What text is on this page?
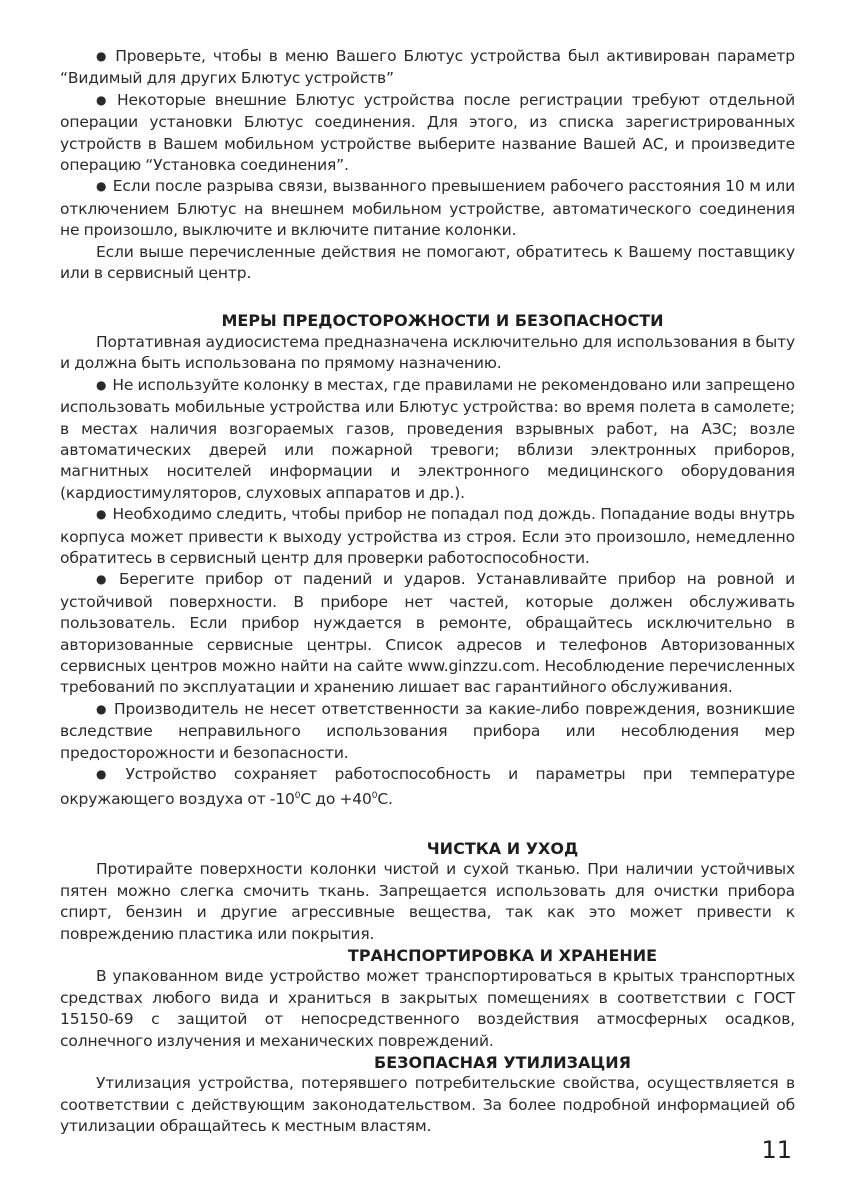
● Проверьте, чтобы в меню Вашего Блютус устройства был активирован параметр “Видимый для других Блютус устройств”

● Некоторые внешние Блютус устройства после регистрации требуют отдельной операции установки Блютус соединения. Для этого, из списка зарегистрированных устройств в Вашем мобильном устройстве выберите название Вашей АС, и произведите операцию “Установка соединения”.

● Если после разрыва связи, вызванного превышением рабочего расстояния 10 м или отключением Блютус на внешнем мобильном устройстве, автоматического соединения не произошло, выключите и включите питание колонки.

Если выше перечисленные действия не помогают, обратитесь к Вашему поставщику или в сервисный центр.

МЕРЫ ПРЕДОСТОРОЖНОСТИ И БЕЗОПАСНОСТИ

Портативная аудиосистема предназначена исключительно для использования в быту и должна быть использована по прямому назначению.

● Не используйте колонку в местах, где правилами не рекомендовано или запрещено использовать мобильные устройства или Блютус устройства: во время полета в самолете; в местах наличия возгораемых газов, проведения взрывных работ, на АЗС; возле автоматических дверей или пожарной тревоги; вблизи электронных приборов, магнитных носителей информации и электронного медицинского оборудования (кардиостимуляторов, слуховых аппаратов и др.).

● Необходимо следить, чтобы прибор не попадал под дождь. Попадание воды внутрь корпуса может привести к выходу устройства из строя. Если это произошло, немедленно обратитесь в сервисный центр для проверки работоспособности.

● Берегите прибор от падений и ударов. Устанавливайте прибор на ровной и устойчивой поверхности. В приборе нет частей, которые должен обслуживать пользователь. Если прибор нуждается в ремонте, обращайтесь исключительно в авторизованные сервисные центры. Список адресов и телефонов Авторизованных сервисных центров можно найти на сайте www.ginzzu.com. Несоблюдение перечисленных требований по эксплуатации и хранению лишает вас гарантийного обслуживания.

● Производитель не несет ответственности за какие-либо повреждения, возникшие вследствие неправильного использования прибора или несоблюдения мер предосторожности и безопасности.

● Устройство сохраняет работоспособность и параметры при температуре окружающего воздуха от $-10^0С$ до $+40^0С$.

ЧИСТКА И УХОД

Протирайте поверхности колонки чистой и сухой тканью. При наличии устойчивых пятен можно слегка смочить ткань. Запрещается использовать для очистки прибора спирт, бензин и другие агрессивные вещества, так как это может привести к повреждению пластика или покрытия.

ТРАНСПОРТИРОВКА И ХРАНЕНИЕ

В упакованном виде устройство может транспортироваться в крытых транспортных средствах любого вида и храниться в закрытых помещениях в соответствии с ГОСТ 15150-69 с защитой от непосредственного воздействия атмосферных осадков, солнечного излучения и механических повреждений.

БЕЗОПАСНАЯ УТИЛИЗАЦИЯ

Утилизация устройства, потерявшего потребительские свойства, осуществляется в соответствии с действующим законодательством. За более подробной информацией об утилизации обращайтесь к местным властям.

11
